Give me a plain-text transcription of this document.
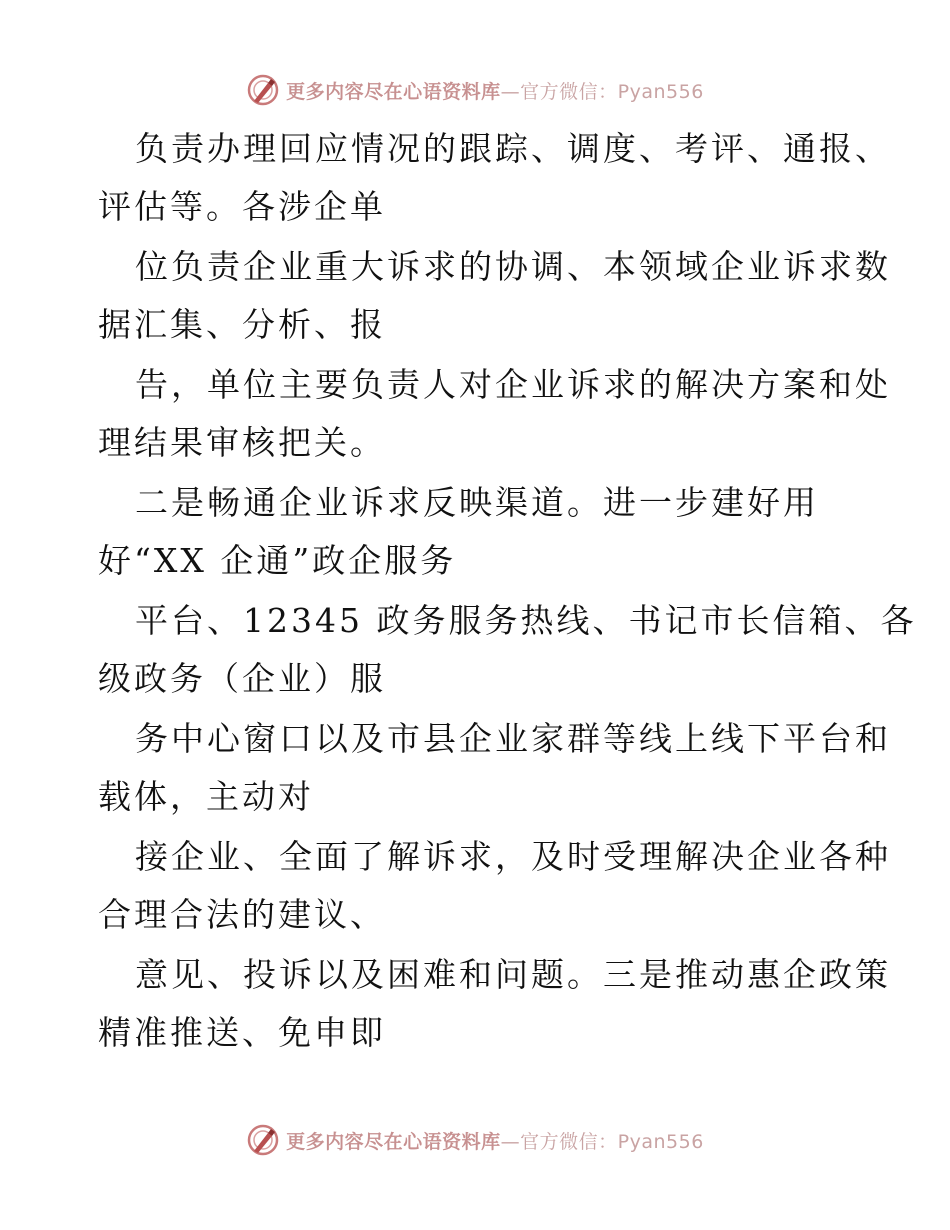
更多内容尽在心语资料库—官方微信：Pyan556

负责办理回应情况的跟踪、调度、考评、通报、
评估等。各涉企单

位负责企业重大诉求的协调、本领域企业诉求数
据汇集、分析、报

告，单位主要负责人对企业诉求的解决方案和处
理结果审核把关。

二是畅通企业诉求反映渠道。进一步建好用
好“XX 企通”政企服务

平台、12345 政务服务热线、书记市长信箱、各
级政务（企业）服

务中心窗口以及市县企业家群等线上线下平台和
载体，主动对

接企业、全面了解诉求，及时受理解决企业各种
合理合法的建议、

意见、投诉以及困难和问题。三是推动惠企政策
精准推送、免申即

更多内容尽在心语资料库—官方微信：Pyan556
